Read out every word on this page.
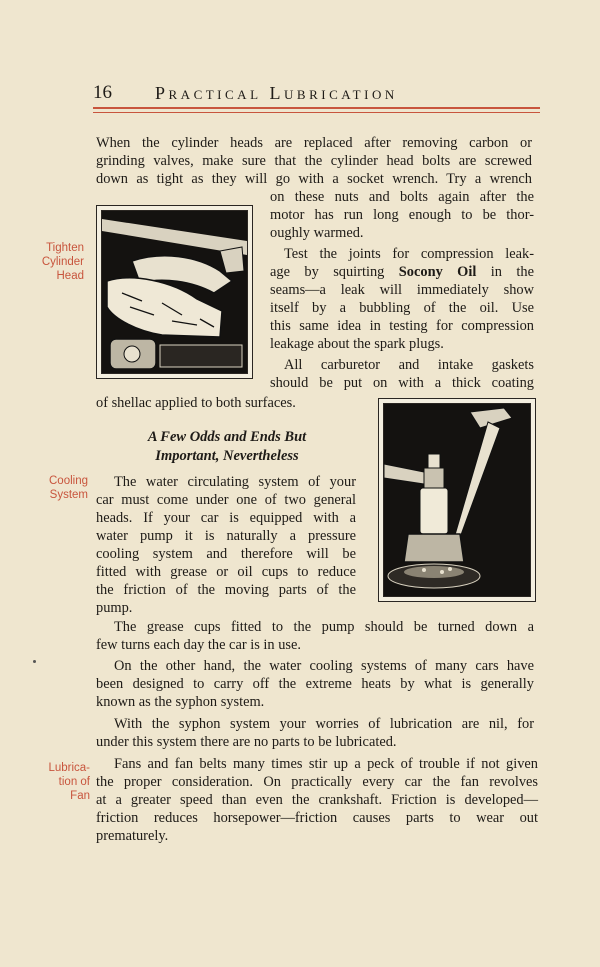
16 Practical Lubrication
When the cylinder heads are replaced after removing carbon or
grinding valves, make sure that the cylinder head bolts are screwed
down as tight as they will go with a socket wrench. Try a wrench
Tighten
Cylinder
Head
on these nuts and bolts again after the
motor has run long enough to be thor-
oughly warmed.
Test the joints for compression leak-
age by squirting Socony Oil in the
seams—a leak will immediately show
itself by a bubbling of the oil. Use
this same idea in testing for compression
leakage about the spark plugs.
All carburetor and intake gaskets
should be put on with a thick coating
of shellac applied to both surfaces.
A Few Odds and Ends But
Important, Nevertheless
Cooling
System
The water circulating system of your
car must come under one of two general
heads. If your car is equipped with a
water pump it is naturally a pressure
cooling system and therefore will be
fitted with grease or oil cups to reduce
the friction of the moving parts of the
pump.
The grease cups fitted to the pump should be turned down a
few turns each day the car is in use.
On the other hand, the water cooling systems of many cars have
been designed to carry off the extreme heats by what is generally
known as the syphon system.
With the syphon system your worries of lubrication are nil, for
under this system there are no parts to be lubricated.
Lubrica-
tion of
Fan
Fans and fan belts many times stir up a peck of trouble if not given
the proper consideration. On practically every car the fan revolves
at a greater speed than even the crankshaft. Friction is developed—
friction reduces horsepower—friction causes parts to wear out
prematurely.
